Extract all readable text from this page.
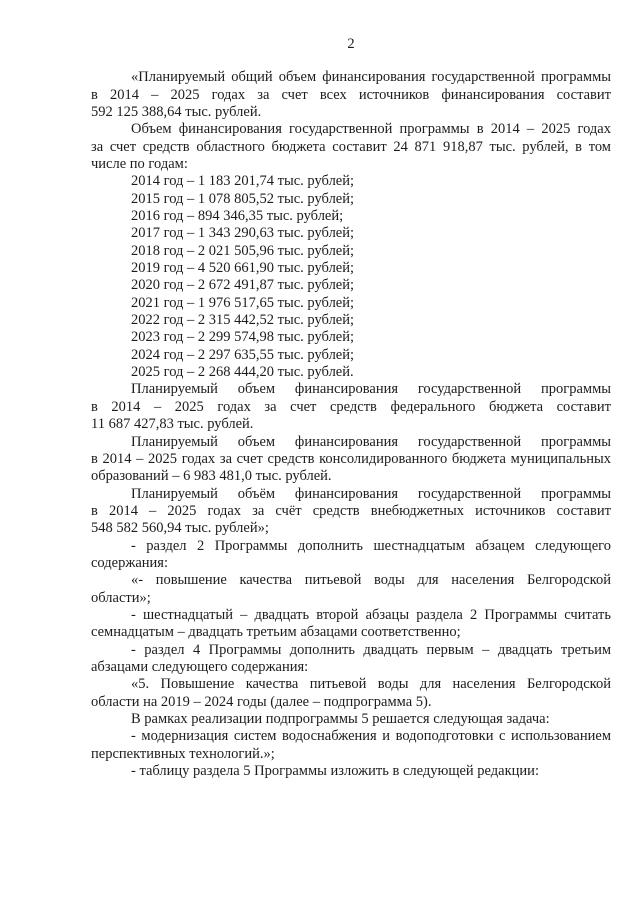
2
«Планируемый общий объем финансирования государственной программы
в 2014 – 2025 годах за счет всех источников финансирования составит
592 125 388,64 тыс. рублей.
Объем финансирования государственной программы в 2014 – 2025 годах
за счет средств областного бюджета составит 24 871 918,87 тыс. рублей, в том
числе по годам:
2014 год – 1 183 201,74 тыс. рублей;
2015 год – 1 078 805,52 тыс. рублей;
2016 год – 894 346,35 тыс. рублей;
2017 год – 1 343 290,63 тыс. рублей;
2018 год – 2 021 505,96 тыс. рублей;
2019 год – 4 520 661,90 тыс. рублей;
2020 год – 2 672 491,87 тыс. рублей;
2021 год – 1 976 517,65 тыс. рублей;
2022 год – 2 315 442,52 тыс. рублей;
2023 год – 2 299 574,98 тыс. рублей;
2024 год – 2 297 635,55 тыс. рублей;
2025 год – 2 268 444,20 тыс. рублей.
Планируемый объем финансирования государственной программы
в 2014 – 2025 годах за счет средств федерального бюджета составит
11 687 427,83 тыс. рублей.
Планируемый объем финансирования государственной программы
в 2014 – 2025 годах за счет средств консолидированного бюджета муниципальных
образований – 6 983 481,0 тыс. рублей.
Планируемый объём финансирования государственной программы
в 2014 – 2025 годах за счёт средств внебюджетных источников составит
548 582 560,94 тыс. рублей»;
- раздел 2 Программы дополнить шестнадцатым абзацем следующего
содержания:
«- повышение качества питьевой воды для населения Белгородской
области»;
- шестнадцатый – двадцать второй абзацы раздела 2 Программы считать
семнадцатым – двадцать третьим абзацами соответственно;
- раздел 4 Программы дополнить двадцать первым – двадцать третьим
абзацами следующего содержания:
«5. Повышение качества питьевой воды для населения Белгородской
области на 2019 – 2024 годы (далее – подпрограмма 5).
В рамках реализации подпрограммы 5 решается следующая задача:
- модернизация систем водоснабжения и водоподготовки с использованием
перспективных технологий.»;
- таблицу раздела 5 Программы изложить в следующей редакции:
